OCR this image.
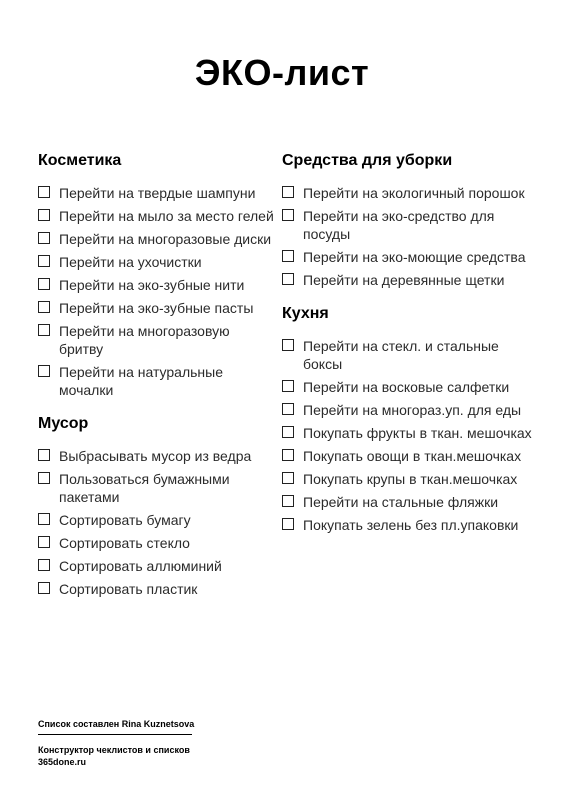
ЭКО-лист
Косметика
Перейти на твердые шампуни
Перейти на мыло за место гелей
Перейти на многоразовые диски
Перейти на ухочистки
Перейти на эко-зубные нити
Перейти на эко-зубные пасты
Перейти на многоразовую бритву
Перейти на натуральные мочалки
Мусор
Выбрасывать мусор из ведра
Пользоваться бумажными пакетами
Сортировать бумагу
Сортировать стекло
Сортировать аллюминий
Сортировать пластик
Средства для уборки
Перейти на экологичный порошок
Перейти на эко-средство для посуды
Перейти на эко-моющие средства
Перейти на деревянные щетки
Кухня
Перейти на стекл. и стальные боксы
Перейти на восковые салфетки
Перейти на многораз.уп. для еды
Покупать фрукты в ткан. мешочках
Покупать овощи в ткан.мешочках
Покупать крупы в ткан.мешочках
Перейти на стальные фляжки
Покупать зелень без пл.упаковки
Список составлен Rina Kuznetsova
Конструктор чеклистов и списков
365done.ru
